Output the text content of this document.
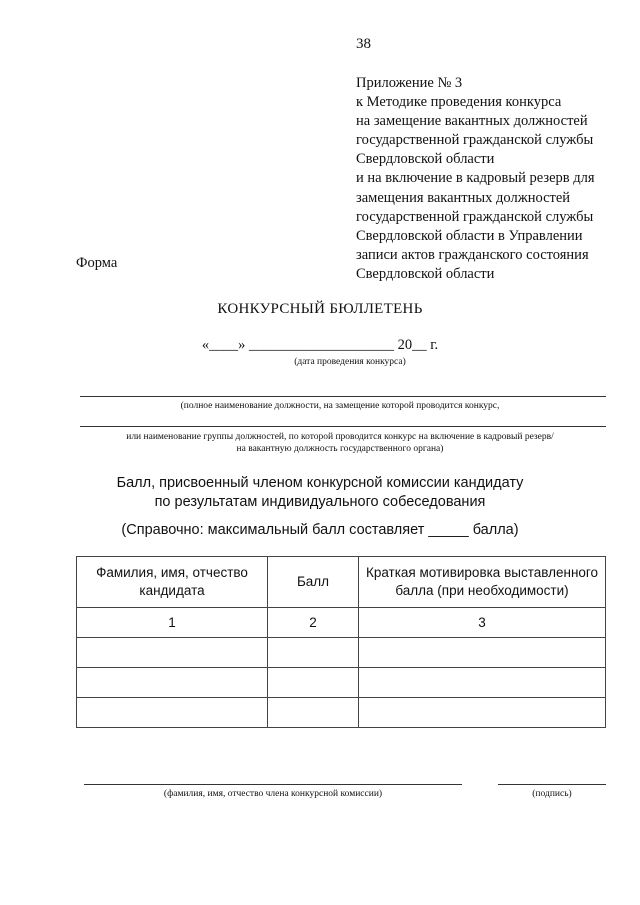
38
Приложение № 3
к Методике проведения конкурса
на замещение вакантных должностей
государственной гражданской службы
Свердловской области
и на включение в кадровый резерв для
замещения вакантных должностей
государственной гражданской службы
Свердловской области в Управлении
записи актов гражданского состояния
Свердловской области
Форма
КОНКУРСНЫЙ БЮЛЛЕТЕНЬ
«____» ____________________ 20__ г.
(дата проведения конкурса)
(полное наименование должности, на замещение которой проводится конкурс,
или наименование группы должностей, по которой проводится конкурс на включение в кадровый резерв/
на вакантную должность государственного органа)
Балл, присвоенный членом конкурсной комиссии кандидату
по результатам индивидуального собеседования
(Справочно: максимальный балл составляет _____ балла)
Фамилия, имя, отчество кандидата	Балл	Краткая мотивировка выставленного балла (при необходимости)
1	2	3

(фамилия, имя, отчество члена конкурсной комиссии)	(подпись)
